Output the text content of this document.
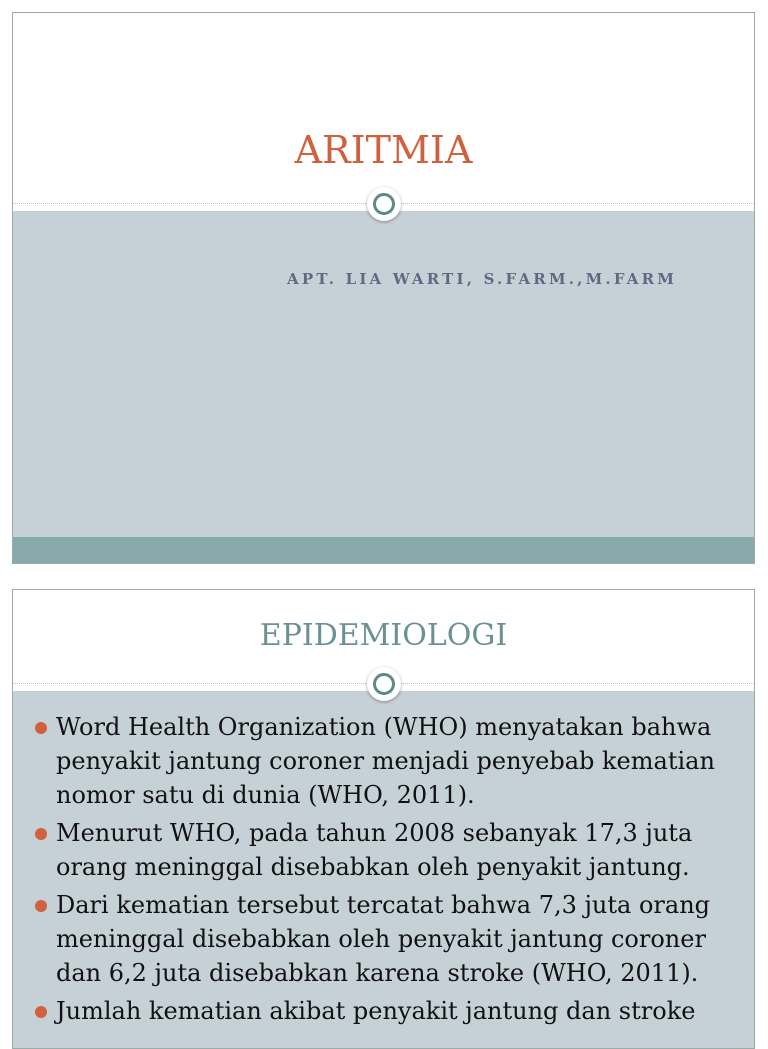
ARITMIA
APT. LIA WARTI, S.FARM.,M.FARM
EPIDEMIOLOGI
Word Health Organization (WHO) menyatakan bahwa penyakit jantung coroner menjadi penyebab kematian nomor satu di dunia (WHO, 2011).
Menurut WHO, pada tahun 2008 sebanyak 17,3 juta orang meninggal disebabkan oleh penyakit jantung.
Dari kematian tersebut tercatat bahwa 7,3 juta orang meninggal disebabkan oleh penyakit jantung coroner dan 6,2 juta disebabkan karena stroke (WHO, 2011).
Jumlah kematian akibat penyakit jantung dan stroke
